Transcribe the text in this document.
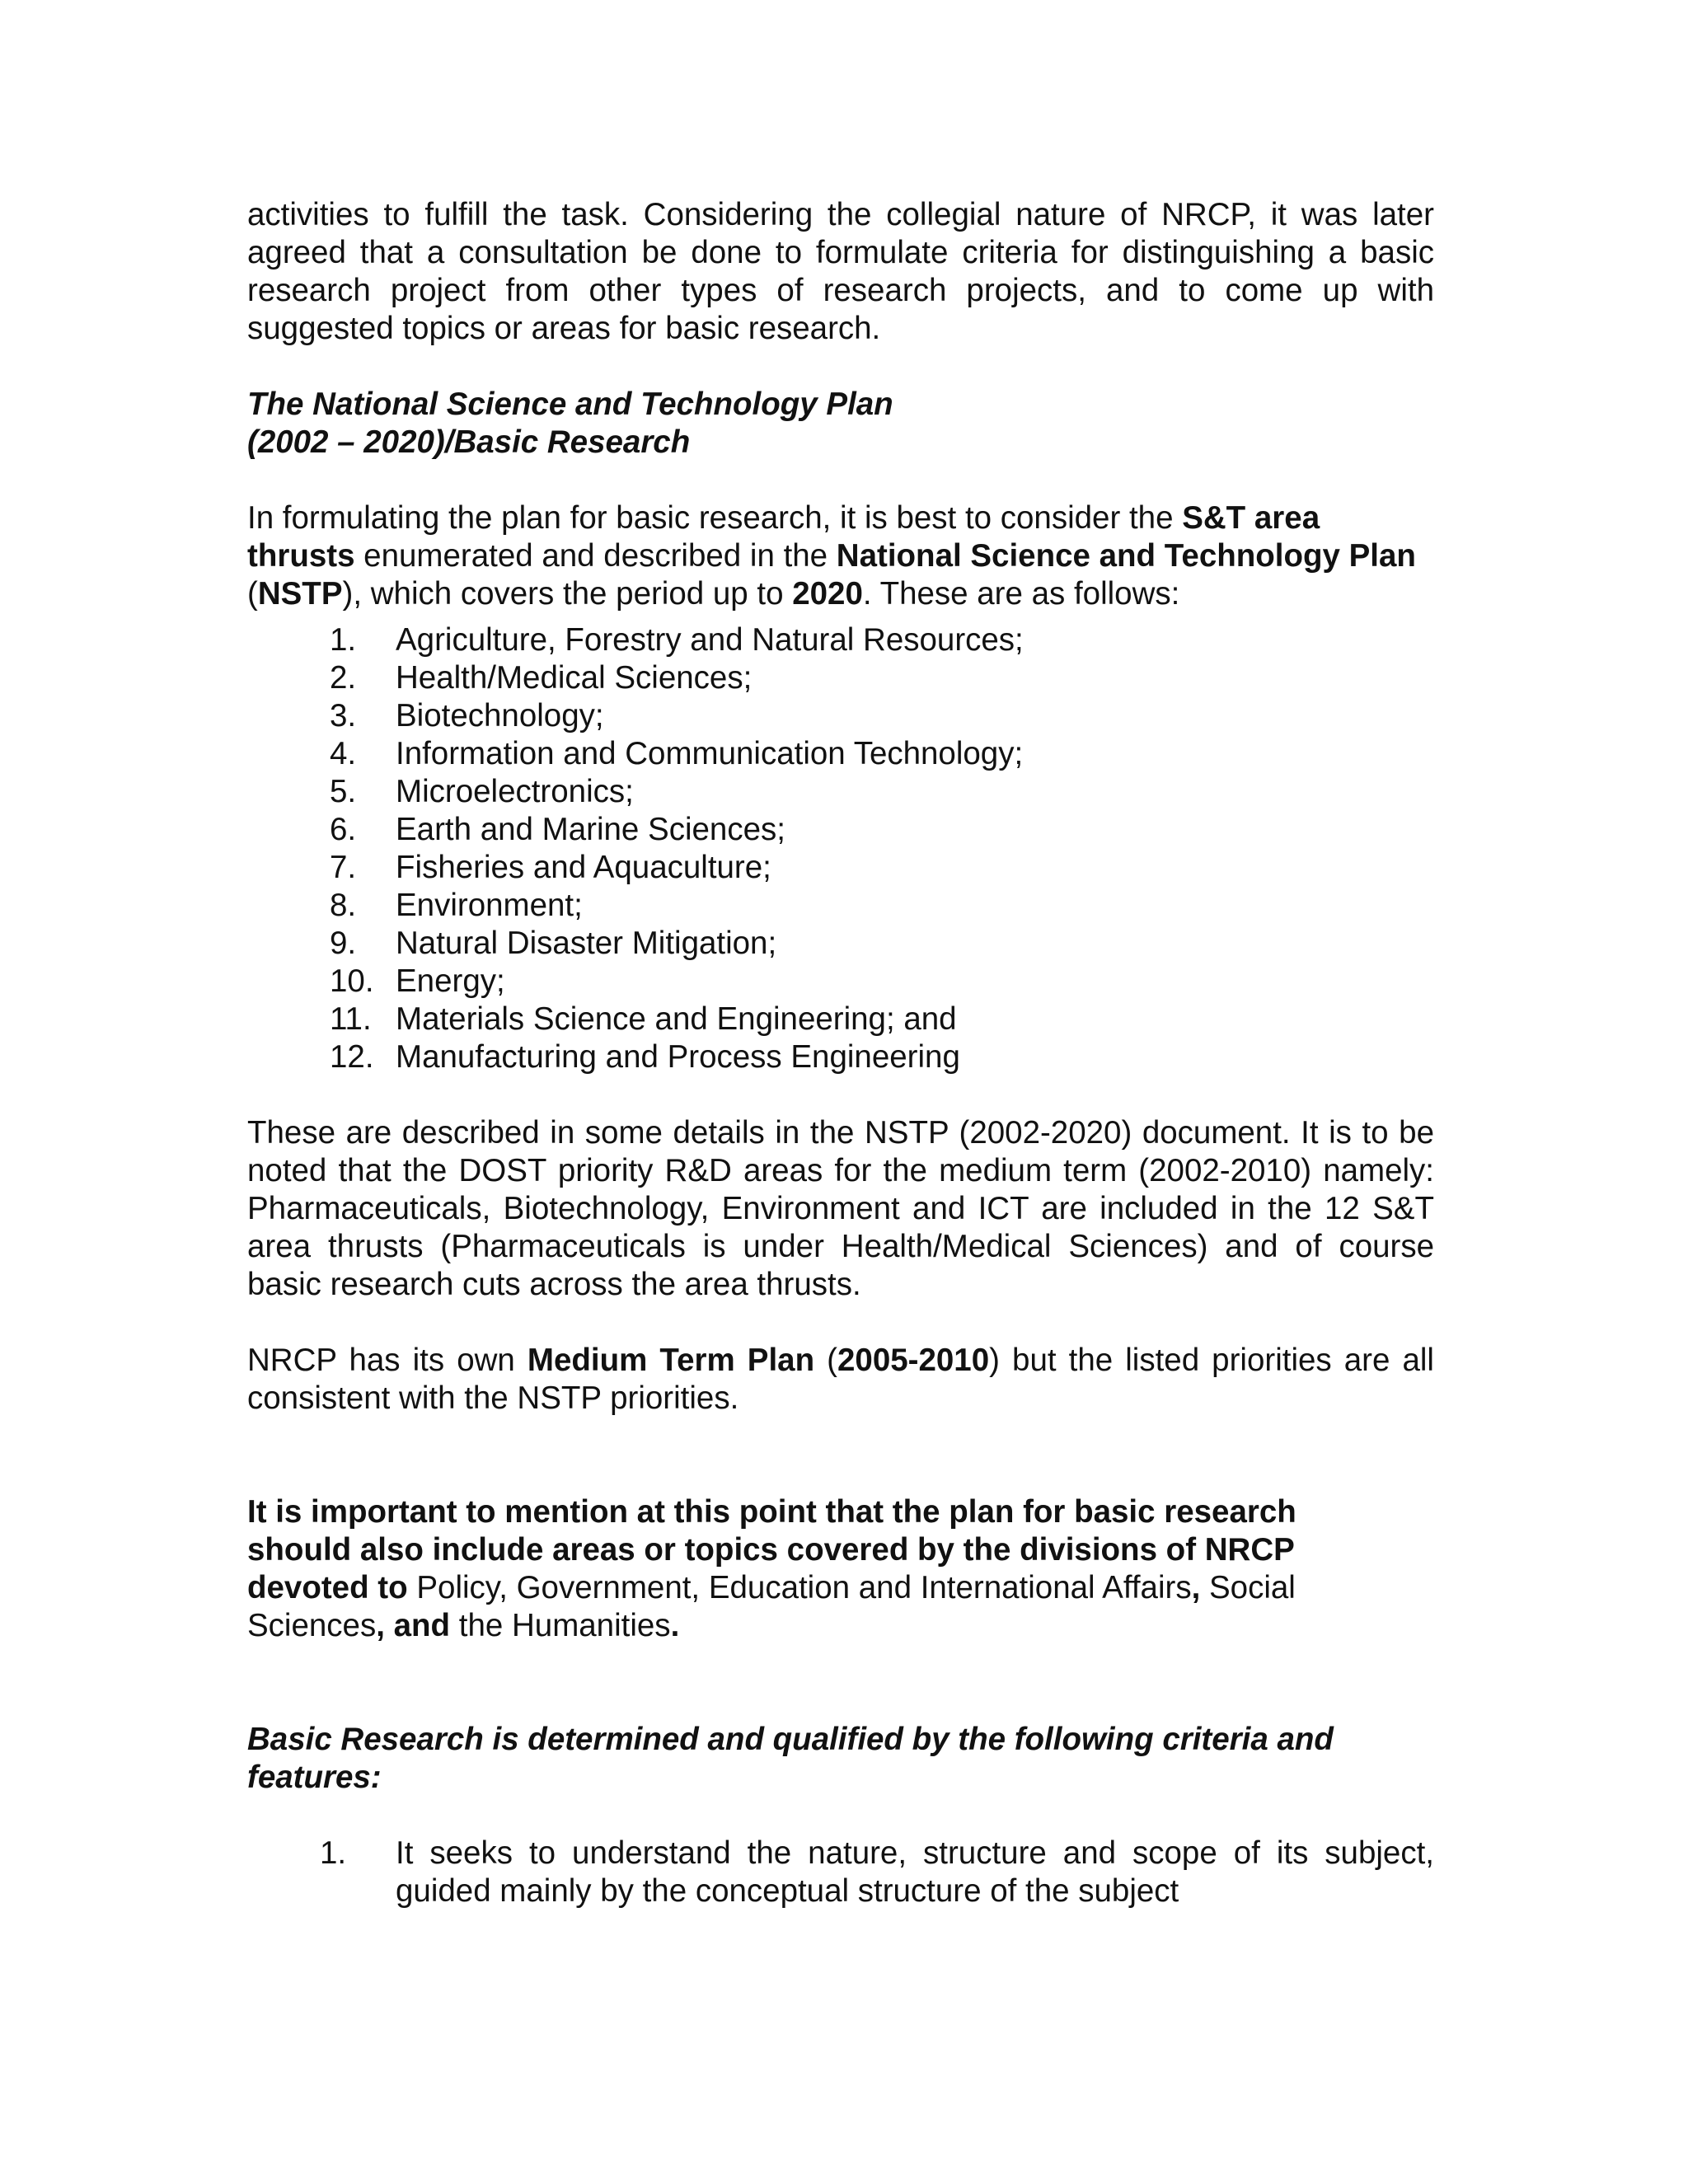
activities to fulfill the task. Considering the collegial nature of NRCP, it was later agreed that a consultation be done to formulate criteria for distinguishing a basic research project from other types of research projects, and to come up with suggested topics or areas for basic research.

The National Science and Technology Plan
(2002 – 2020)/Basic Research

In formulating the plan for basic research, it is best to consider the S&T area thrusts enumerated and described in the National Science and Technology Plan (NSTP), which covers the period up to 2020. These are as follows:

1.	Agriculture, Forestry and Natural Resources;
2.	Health/Medical Sciences;
3.	Biotechnology;
4.	Information and Communication Technology;
5.	Microelectronics;
6.	Earth and Marine Sciences;
7.	Fisheries and Aquaculture;
8.	Environment;
9.	Natural Disaster Mitigation;
10. Energy;
11. Materials Science and Engineering; and
12. Manufacturing and Process Engineering

These are described in some details in the NSTP (2002-2020) document. It is to be noted that the DOST priority R&D areas for the medium term (2002-2010) namely: Pharmaceuticals, Biotechnology, Environment and ICT are included in the 12 S&T area thrusts (Pharmaceuticals is under Health/Medical Sciences) and of course basic research cuts across the area thrusts.

NRCP has its own Medium Term Plan (2005-2010) but the listed priorities are all consistent with the NSTP priorities.

It is important to mention at this point that the plan for basic research should also include areas or topics covered by the divisions of NRCP devoted to Policy, Government, Education and International Affairs, Social Sciences, and the Humanities.

Basic Research is determined and qualified by the following criteria and features:

1.	It seeks to understand the nature, structure and scope of its subject, guided mainly by the conceptual structure of the subject
